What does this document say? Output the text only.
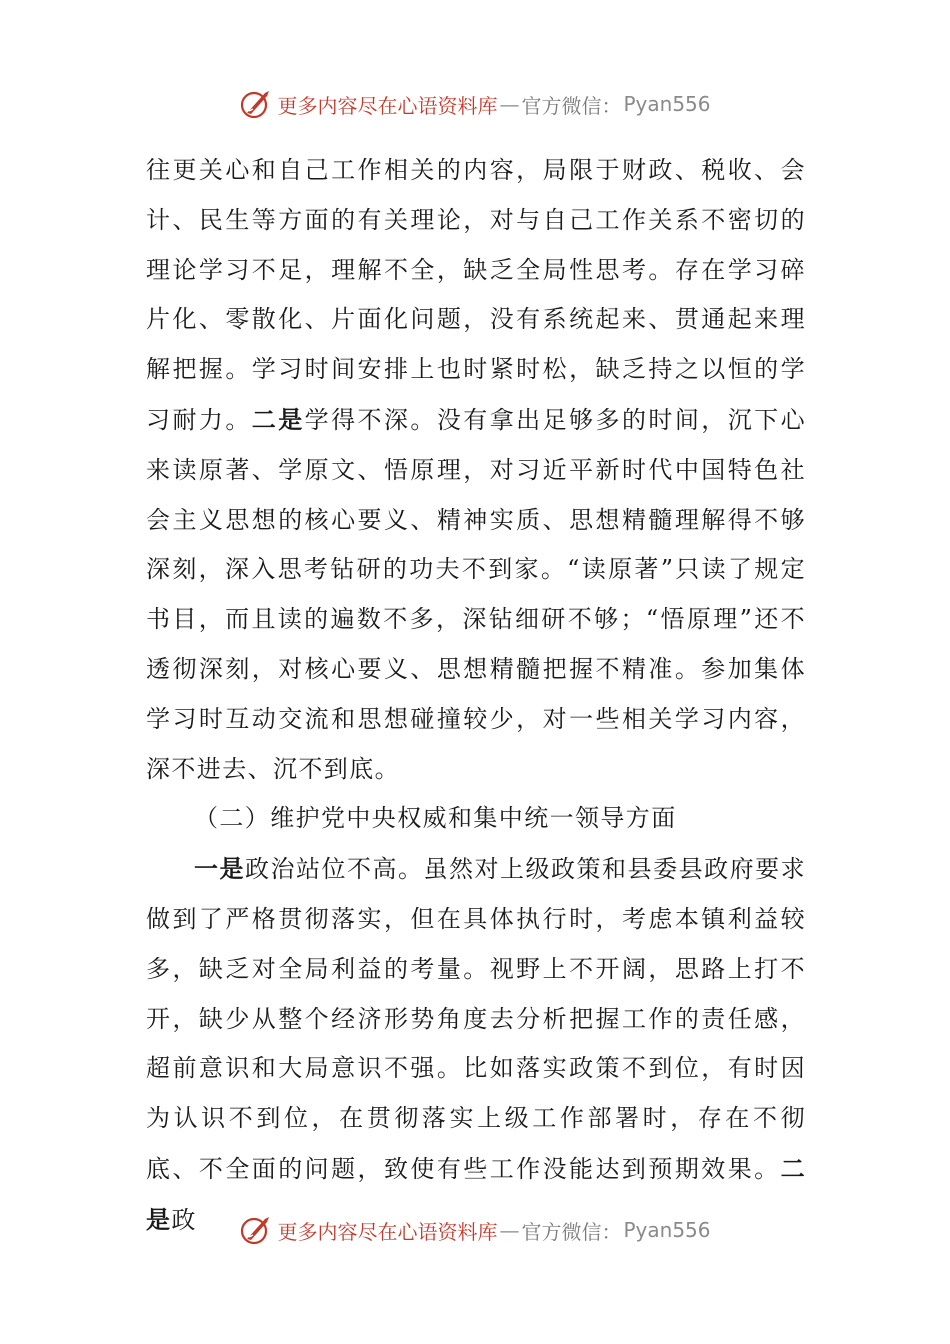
更多内容尽在心语资料库 — 官方微信： Pyan556

往更关心和自己工作相关的内容，局限于财政、税收、会计、民生等方面的有关理论，对与自己工作关系不密切的理论学习不足，理解不全，缺乏全局性思考。存在学习碎片化、零散化、片面化问题，没有系统起来、贯通起来理解把握。学习时间安排上也时紧时松，缺乏持之以恒的学习耐力。二是学得不深。没有拿出足够多的时间，沉下心来读原著、学原文、悟原理，对习近平新时代中国特色社会主义思想的核心要义、精神实质、思想精髓理解得不够深刻，深入思考钻研的功夫不到家。“读原著”只读了规定书目，而且读的遍数不多，深钻细研不够；“悟原理”还不透彻深刻，对核心要义、思想精髓把握不精准。参加集体学习时互动交流和思想碰撞较少，对一些相关学习内容，深不进去、沉不到底。

（二）维护党中央权威和集中统一领导方面

一是政治站位不高。虽然对上级政策和县委县政府要求做到了严格贯彻落实，但在具体执行时，考虑本镇利益较多，缺乏对全局利益的考量。视野上不开阔，思路上打不开，缺少从整个经济形势角度去分析把握工作的责任感，超前意识和大局意识不强。比如落实政策不到位，有时因为认识不到位，在贯彻落实上级工作部署时，存在不彻底、不全面的问题，致使有些工作没能达到预期效果。二是政	更多内容尽在心语资料库 — 官方微信： Pyan556
